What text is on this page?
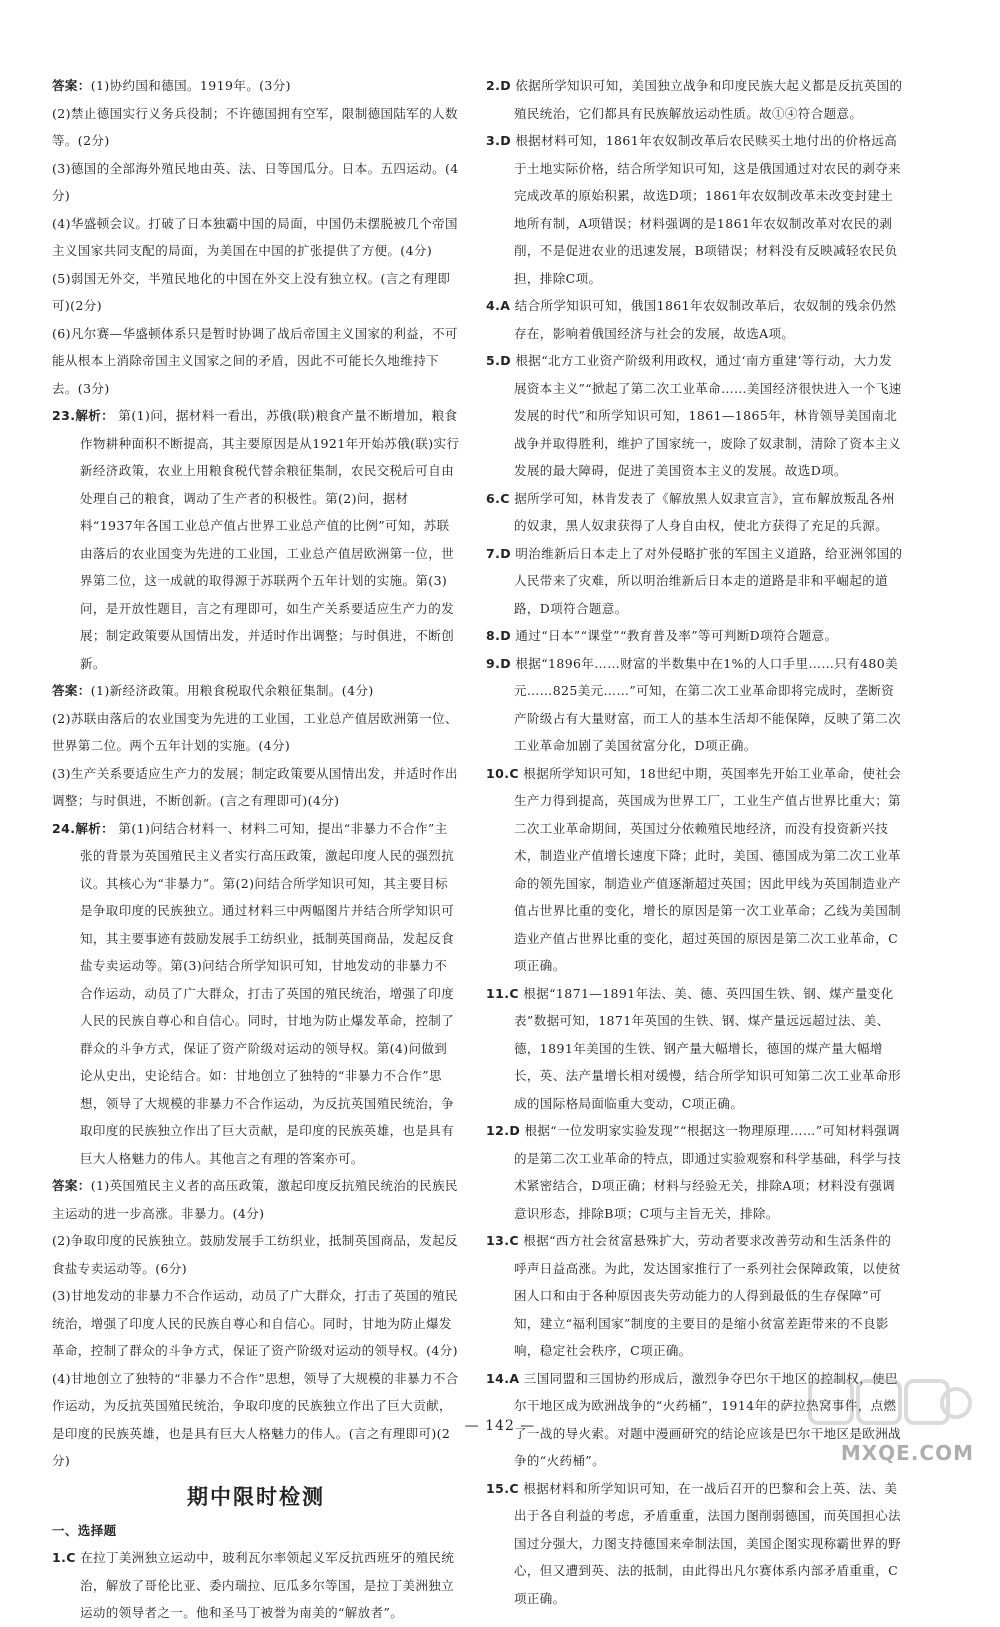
答案：(1)协约国和德国。1919年。(3分)

(2)禁止德国实行义务兵役制；不许德国拥有空军，限制德国陆军的人数等。(2分)

(3)德国的全部海外殖民地由英、法、日等国瓜分。日本。五四运动。(4分)

(4)华盛顿会议。打破了日本独霸中国的局面，中国仍未摆脱被几个帝国主义国家共同支配的局面，为美国在中国的扩张提供了方便。(4分)

(5)弱国无外交，半殖民地化的中国在外交上没有独立权。(言之有理即可)(2分)

(6)凡尔赛—华盛顿体系只是暂时协调了战后帝国主义国家的利益，不可能从根本上消除帝国主义国家之间的矛盾，因此不可能长久地维持下去。(3分)

23.解析： 第(1)问，据材料一看出，苏俄(联)粮食产量不断增加，粮食作物耕种面积不断提高，其主要原因是从1921年开始苏俄(联)实行新经济政策，农业上用粮食税代替余粮征集制，农民交税后可自由处理自己的粮食，调动了生产者的积极性。第(2)问，据材料“1937年各国工业总产值占世界工业总产值的比例”可知，苏联由落后的农业国变为先进的工业国，工业总产值居欧洲第一位，世界第二位，这一成就的取得源于苏联两个五年计划的实施。第(3)问，是开放性题目，言之有理即可，如生产关系要适应生产力的发展；制定政策要从国情出发，并适时作出调整；与时俱进，不断创新。

答案：(1)新经济政策。用粮食税取代余粮征集制。(4分)

(2)苏联由落后的农业国变为先进的工业国，工业总产值居欧洲第一位、世界第二位。两个五年计划的实施。(4分)

(3)生产关系要适应生产力的发展；制定政策要从国情出发，并适时作出调整；与时俱进，不断创新。(言之有理即可)(4分)

24.解析： 第(1)问结合材料一、材料二可知，提出“非暴力不合作”主张的背景为英国殖民主义者实行高压政策，激起印度人民的强烈抗议。其核心为“非暴力”。第(2)问结合所学知识可知，其主要目标是争取印度的民族独立。通过材料三中两幅图片并结合所学知识可知，其主要事迹有鼓励发展手工纺织业，抵制英国商品，发起反食盐专卖运动等。第(3)问结合所学知识可知，甘地发动的非暴力不合作运动，动员了广大群众，打击了英国的殖民统治，增强了印度人民的民族自尊心和自信心。同时，甘地为防止爆发革命，控制了群众的斗争方式，保证了资产阶级对运动的领导权。第(4)问做到论从史出，史论结合。如：甘地创立了独特的“非暴力不合作”思想，领导了大规模的非暴力不合作运动，为反抗英国殖民统治，争取印度的民族独立作出了巨大贡献，是印度的民族英雄，也是具有巨大人格魅力的伟人。其他言之有理的答案亦可。

答案：(1)英国殖民主义者的高压政策，激起印度反抗殖民统治的民族民主运动的进一步高涨。非暴力。(4分)

(2)争取印度的民族独立。鼓励发展手工纺织业，抵制英国商品，发起反食盐专卖运动等。(6分)

(3)甘地发动的非暴力不合作运动，动员了广大群众，打击了英国的殖民统治，增强了印度人民的民族自尊心和自信心。同时，甘地为防止爆发革命，控制了群众的斗争方式，保证了资产阶级对运动的领导权。(4分)

(4)甘地创立了独特的“非暴力不合作”思想，领导了大规模的非暴力不合作运动，为反抗英国殖民统治，争取印度的民族独立作出了巨大贡献，是印度的民族英雄，也是具有巨大人格魅力的伟人。(言之有理即可)(2分)

期中限时检测
一、选择题
1.C 在拉丁美洲独立运动中，玻利瓦尔率领起义军反抗西班牙的殖民统治，解放了哥伦比亚、委内瑞拉、厄瓜多尔等国，是拉丁美洲独立运动的领导者之一。他和圣马丁被誉为南美的“解放者”。

2.D 依据所学知识可知，美国独立战争和印度民族大起义都是反抗英国的殖民统治，它们都具有民族解放运动性质。故①④符合题意。

3.D 根据材料可知，1861年农奴制改革后农民赎买土地付出的价格远高于土地实际价格，结合所学知识可知，这是俄国通过对农民的剥夺来完成改革的原始积累，故选D项；1861年农奴制改革未改变封建土地所有制，A项错误；材料强调的是1861年农奴制改革对农民的剥削，不是促进农业的迅速发展，B项错误；材料没有反映减轻农民负担，排除C项。

4.A 结合所学知识可知，俄国1861年农奴制改革后，农奴制的残余仍然存在，影响着俄国经济与社会的发展，故选A项。

5.D 根据“北方工业资产阶级利用政权，通过‘南方重建’等行动，大力发展资本主义”“掀起了第二次工业革命……美国经济很快进入一个飞速发展的时代”和所学知识可知，1861—1865年，林肯领导美国南北战争并取得胜利，维护了国家统一，废除了奴隶制，清除了资本主义发展的最大障碍，促进了美国资本主义的发展。故选D项。

6.C 据所学可知，林肯发表了《解放黑人奴隶宣言》，宣布解放叛乱各州的奴隶，黑人奴隶获得了人身自由权，使北方获得了充足的兵源。

7.D 明治维新后日本走上了对外侵略扩张的军国主义道路，给亚洲邻国的人民带来了灾难，所以明治维新后日本走的道路是非和平崛起的道路，D项符合题意。

8.D 通过“日本”“课堂”“教育普及率”等可判断D项符合题意。

9.D 根据“1896年……财富的半数集中在1%的人口手里……只有480美元……825美元……”可知，在第二次工业革命即将完成时，垄断资产阶级占有大量财富，而工人的基本生活却不能保障，反映了第二次工业革命加剧了美国贫富分化，D项正确。

10.C 根据所学知识可知，18世纪中期，英国率先开始工业革命，使社会生产力得到提高，英国成为世界工厂，工业生产值占世界比重大；第二次工业革命期间，英国过分依赖殖民地经济，而没有投资新兴技术，制造业产值增长速度下降；此时，美国、德国成为第二次工业革命的领先国家，制造业产值逐渐超过英国；因此甲线为英国制造业产值占世界比重的变化，增长的原因是第一次工业革命；乙线为美国制造业产值占世界比重的变化，超过英国的原因是第二次工业革命，C项正确。

11.C 根据“1871—1891年法、美、德、英四国生铁、钢、煤产量变化表”数据可知，1871年英国的生铁、钢、煤产量远远超过法、美、德，1891年美国的生铁、钢产量大幅增长，德国的煤产量大幅增长，英、法产量增长相对缓慢，结合所学知识可知第二次工业革命形成的国际格局面临重大变动，C项正确。

12.D 根据“一位发明家实验发现”“根据这一物理原理……”可知材料强调的是第二次工业革命的特点，即通过实验观察和科学基础，科学与技术紧密结合，D项正确；材料与经验无关，排除A项；材料没有强调意识形态，排除B项；C项与主旨无关，排除。

13.C 根据“西方社会贫富悬殊扩大，劳动者要求改善劳动和生活条件的呼声日益高涨。为此，发达国家推行了一系列社会保障政策，以使贫困人口和由于各种原因丧失劳动能力的人得到最低的生存保障”可知，建立“福利国家”制度的主要目的是缩小贫富差距带来的不良影响，稳定社会秩序，C项正确。

14.A 三国同盟和三国协约形成后，激烈争夺巴尔干地区的控制权，使巴尔干地区成为欧洲战争的“火药桶”，1914年的萨拉热窝事件，点燃了一战的导火索。对题中漫画研究的结论应该是巴尔干地区是欧洲战争的“火药桶”。

15.C 根据材料和所学知识可知，在一战后召开的巴黎和会上英、法、美出于各自利益的考虑，矛盾重重，法国力图削弱德国，而英国担心法国过分强大，力图支持德国来牵制法国，美国企图实现称霸世界的野心，但又遭到英、法的抵制，由此得出凡尔赛体系内部矛盾重重，C项正确。

— 142 —
MXQE.COM
